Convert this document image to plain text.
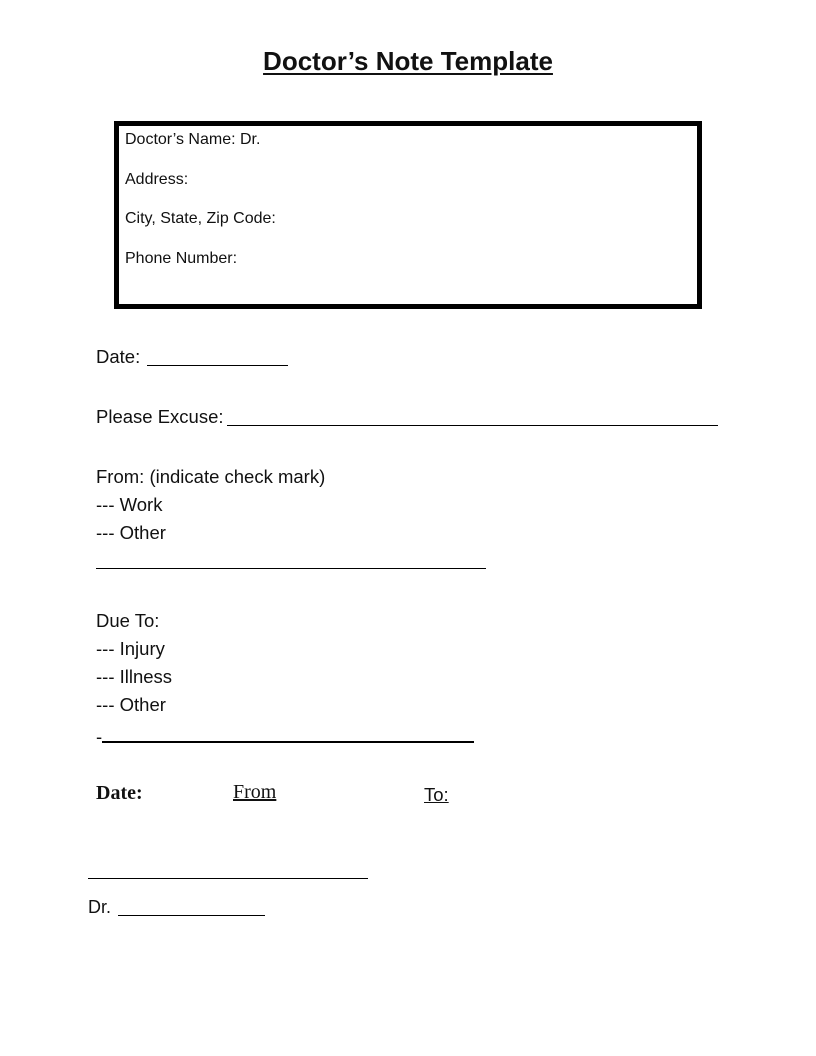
Doctor’s Note Template
Doctor’s Name: Dr.
Address:
City, State, Zip Code:
Phone Number:
Date:
Please Excuse:
From: (indicate check mark)
--- Work
--- Other
Due To:
--- Injury
--- Illness
--- Other
-
Date:	From	To:
Dr.
